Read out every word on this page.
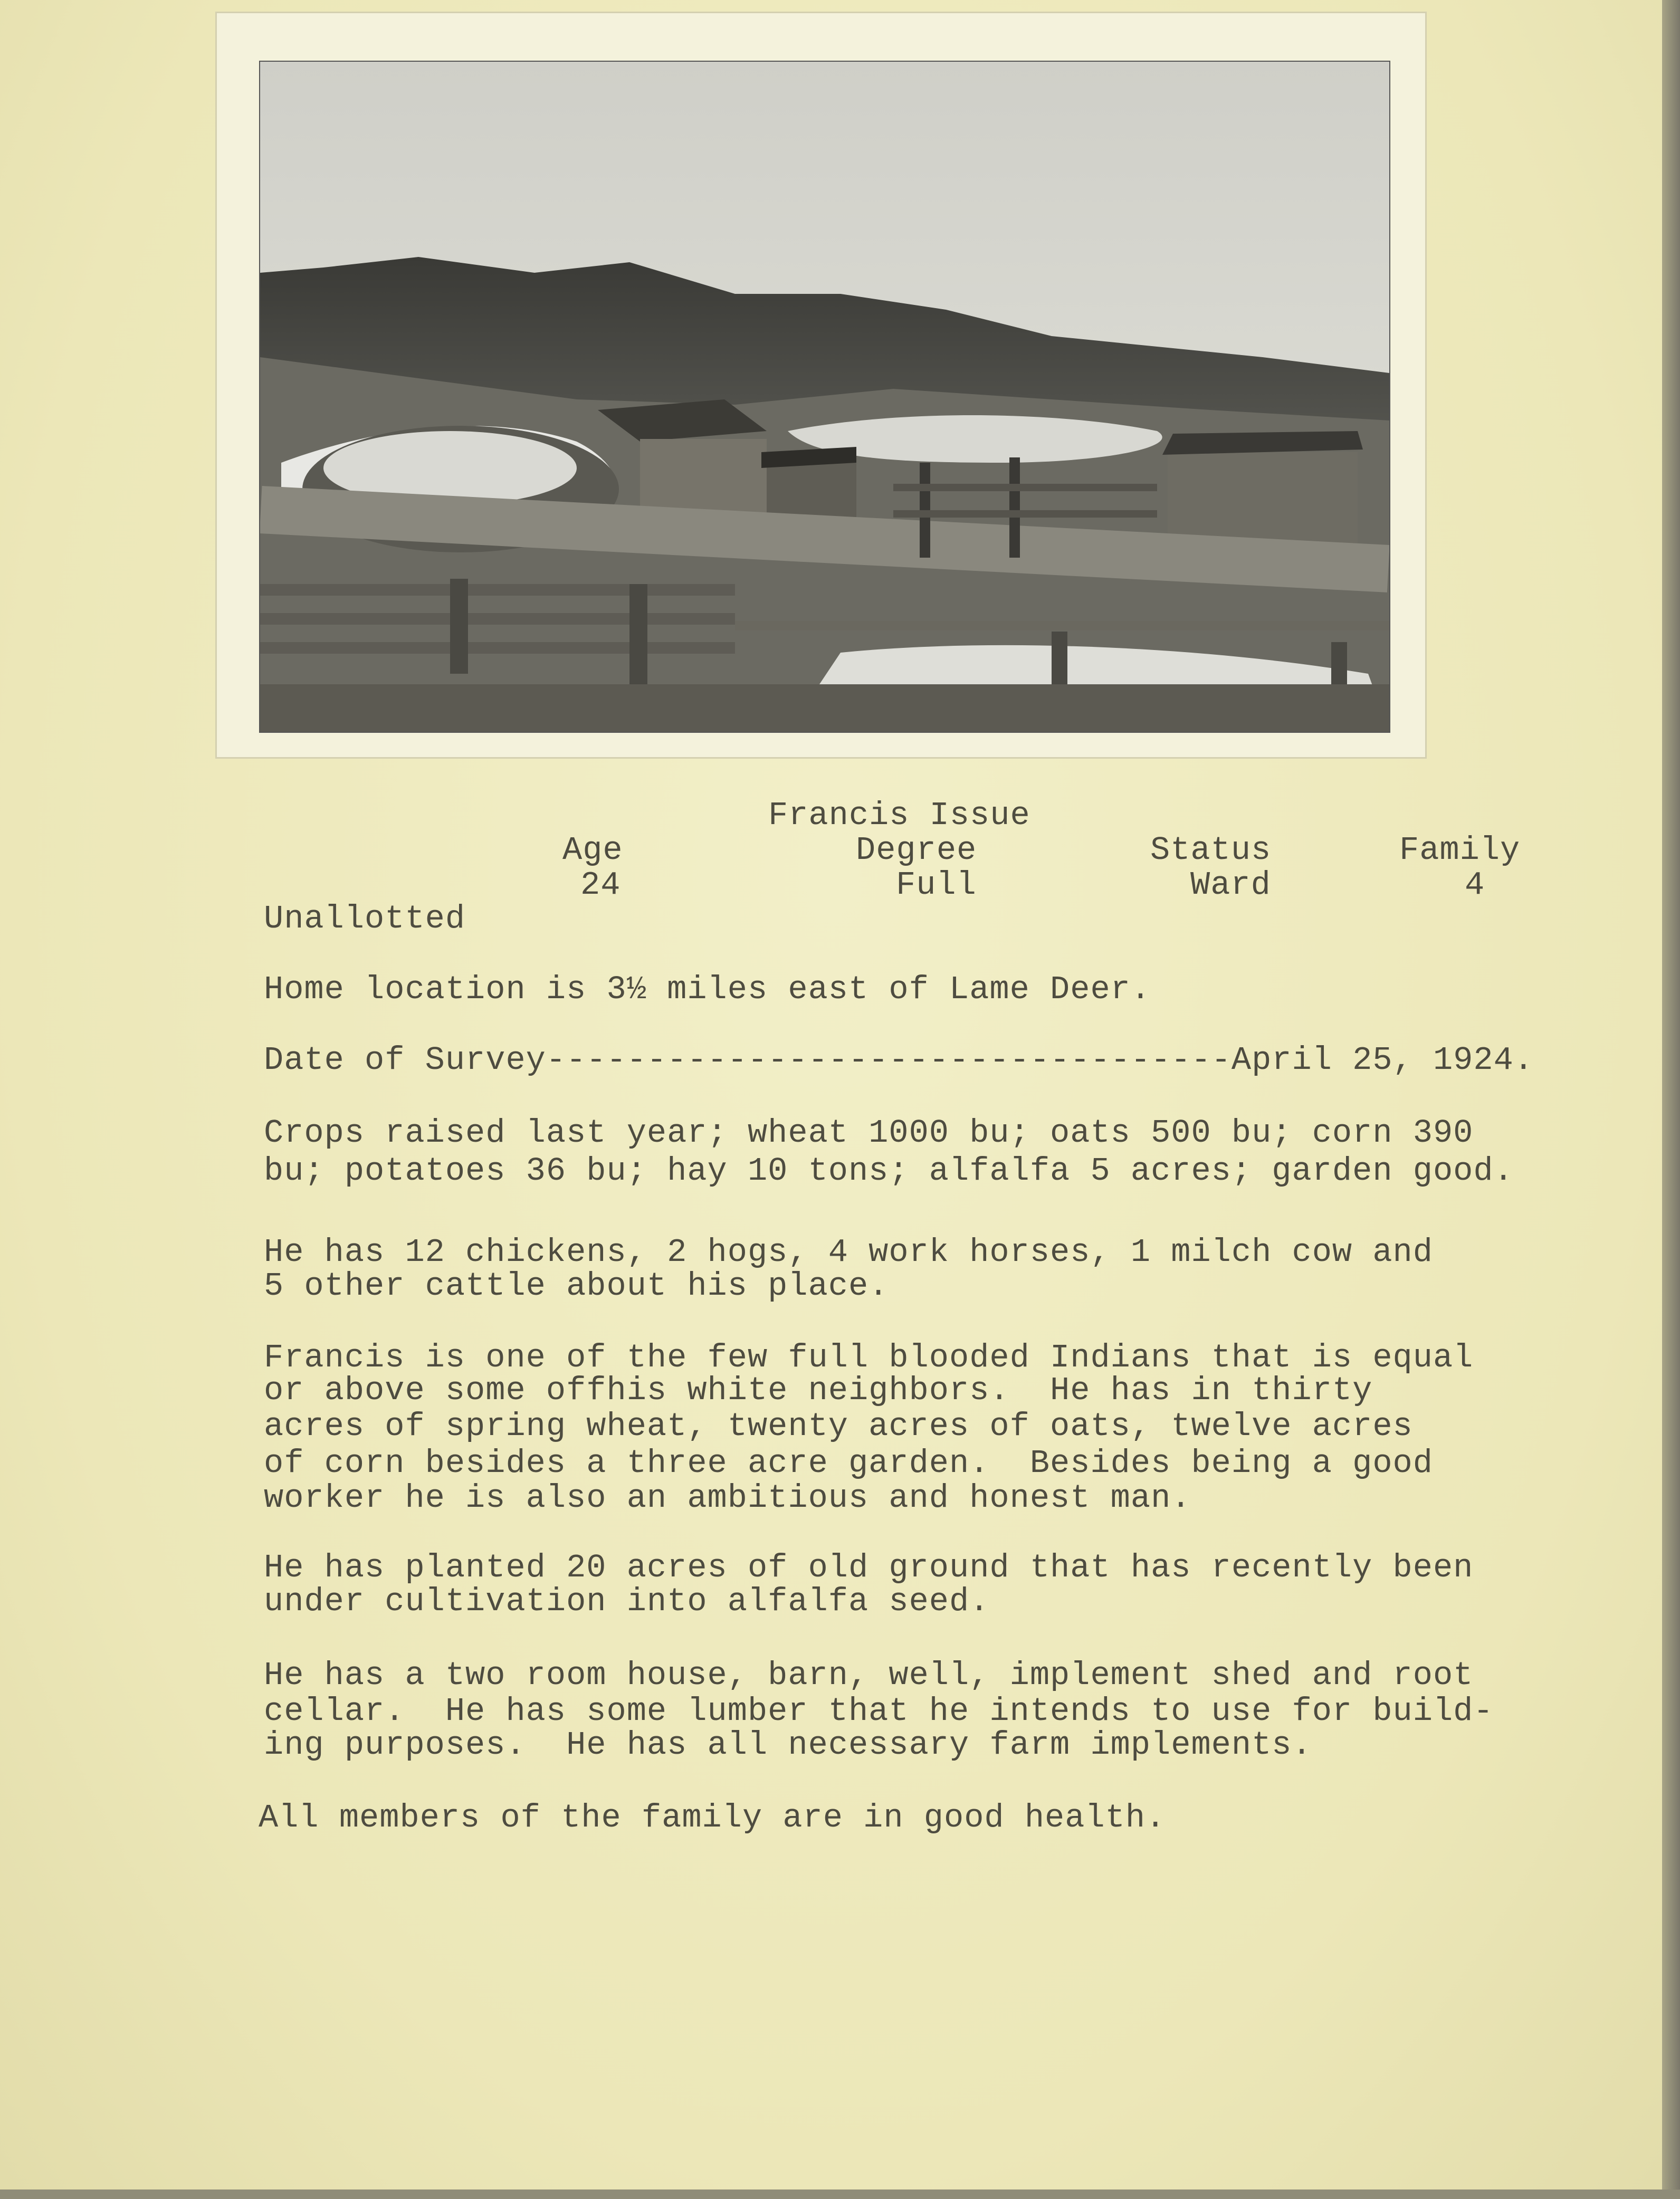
Francis Issue
Age
24
Degree
Full
Status
Ward
Family
4
Unallotted
Home location is 3½ miles east of Lame Deer.
Date of Survey----------------------------------April 25, 1924.
Crops raised last year; wheat 1000 bu; oats 500 bu; corn 390
bu; potatoes 36 bu; hay 10 tons; alfalfa 5 acres; garden good.
He has 12 chickens, 2 hogs, 4 work horses, 1 milch cow and
5 other cattle about his place.
Francis is one of the few full blooded Indians that is equal
or above some offhis white neighbors.  He has in thirty
acres of spring wheat, twenty acres of oats, twelve acres
of corn besides a three acre garden.  Besides being a good
worker he is also an ambitious and honest man.
He has planted 20 acres of old ground that has recently been
under cultivation into alfalfa seed.
He has a two room house, barn, well, implement shed and root
cellar.  He has some lumber that he intends to use for build-
ing purposes.  He has all necessary farm implements.
All members of the family are in good health.
